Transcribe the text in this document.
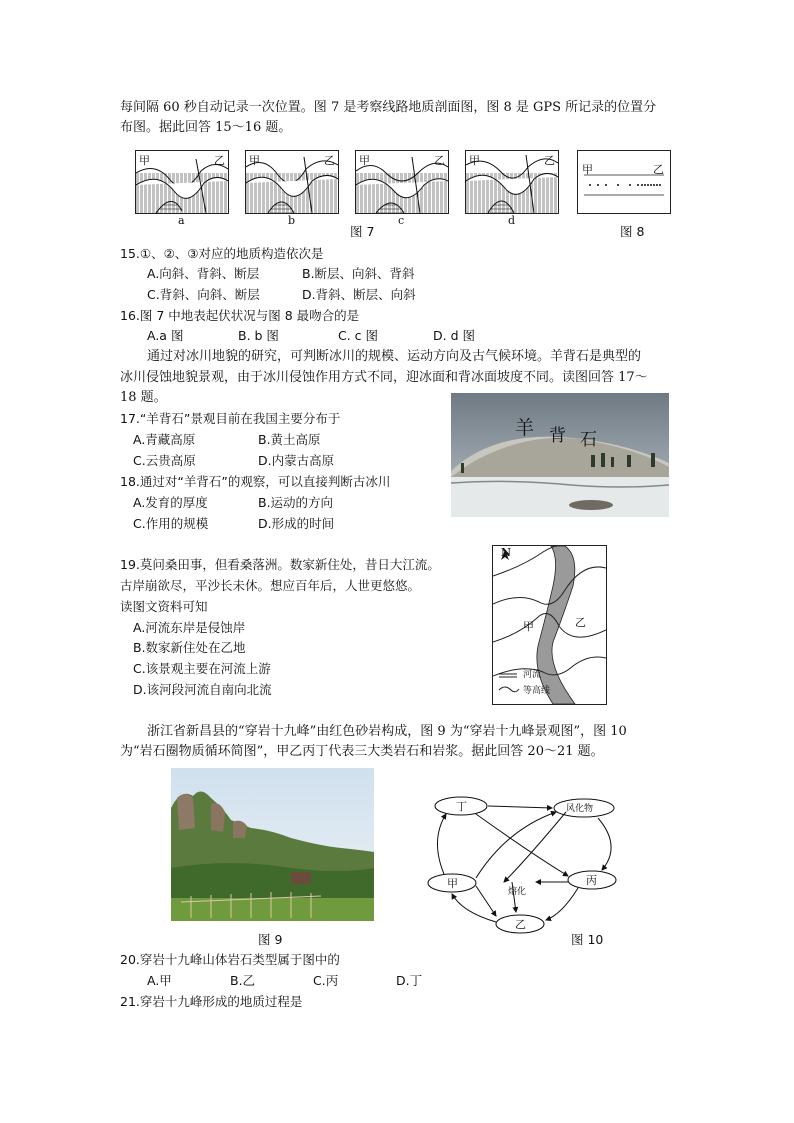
每间隔 60 秒自动记录一次位置。图 7 是考察线路地质剖面图，图 8 是 GPS 所记录的位置分
布图。据此回答 15～16 题。
甲	乙
a
甲	乙
b
甲	乙
c
甲	乙
d
图 7
甲	乙
图 8
15.①、②、③对应的地质构造依次是
A.向斜、背斜、断层	B.断层、向斜、背斜
C.背斜、向斜、断层	D.背斜、断层、向斜
16.图 7 中地表起伏状况与图 8 最吻合的是
A.a 图	B. b 图	C. c 图	D. d 图
通过对冰川地貌的研究，可判断冰川的规模、运动方向及古气候环境。羊背石是典型的
冰川侵蚀地貌景观，由于冰川侵蚀作用方式不同，迎冰面和背冰面坡度不同。读图回答 17～
18 题。
羊 背 石
17.“羊背石”景观目前在我国主要分布于
A.青藏高原	B.黄土高原
C.云贵高原	D.内蒙古高原
18.通过对“羊背石”的观察，可以直接判断古冰川
A.发育的厚度	B.运动的方向
C.作用的规模	D.形成的时间
19.莫问桑田事，但看桑落洲。数家新住处，昔日大江流。
古岸崩欲尽，平沙长未休。想应百年后，人世更悠悠。
读图文资料可知
A.河流东岸是侵蚀岸
B.数家新住处在乙地
C.该景观主要在河流上游
D.该河段河流自南向北流
N
甲	乙
河流
等高线
浙江省新昌县的“穿岩十九峰”由红色砂岩构成，图 9 为“穿岩十九峰景观图”，图 10
为“岩石圈物质循环简图”，甲乙丙丁代表三大类岩石和岩浆。据此回答 20～21 题。
图 9
丁	风化物
甲	丙
乙
熔化
图 10
20.穿岩十九峰山体岩石类型属于图中的
A.甲	B.乙	C.丙	D.丁
21.穿岩十九峰形成的地质过程是
